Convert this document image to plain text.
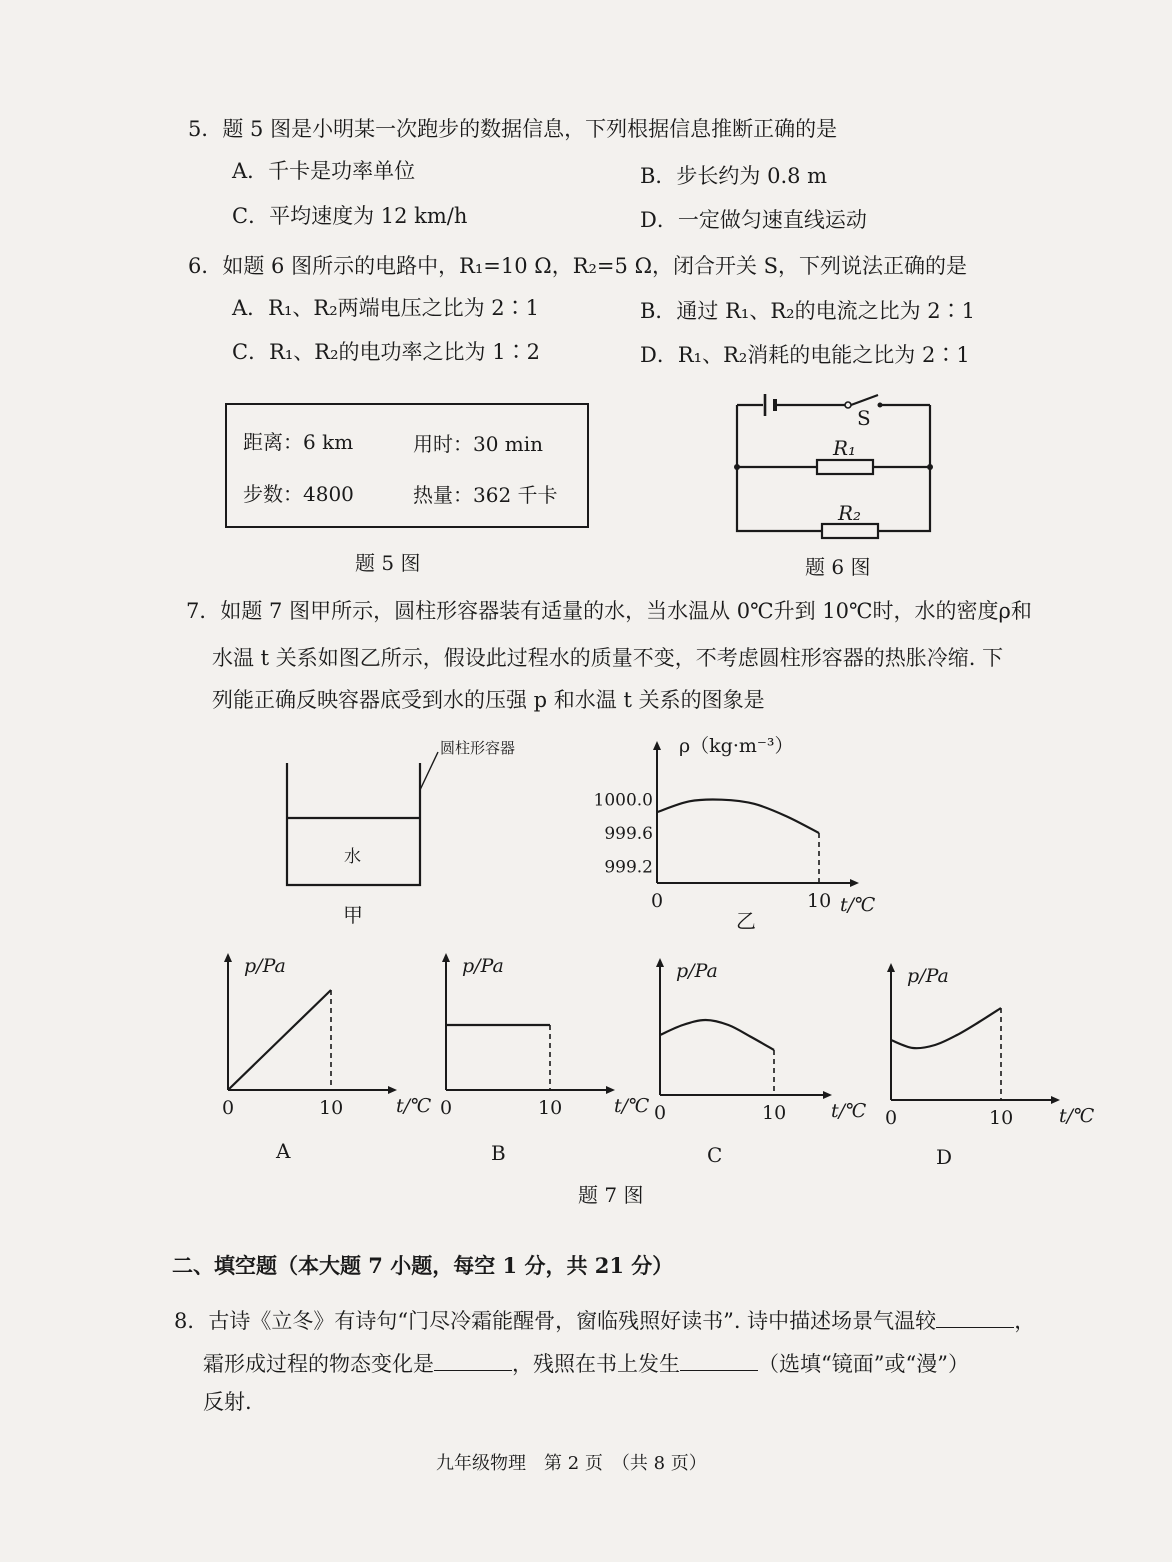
5．题 5 图是小明某一次跑步的数据信息，下列根据信息推断正确的是
A．千卡是功率单位	B．步长约为 0.8 m
C．平均速度为 12 km/h	D．一定做匀速直线运动
6．如题 6 图所示的电路中，R₁=10 Ω，R₂=5 Ω，闭合开关 S，下列说法正确的是
A．R₁、R₂两端电压之比为 2∶1	B．通过 R₁、R₂的电流之比为 2∶1
C．R₁、R₂的电功率之比为 1∶2	D．R₁、R₂消耗的电能之比为 2∶1
距离：6 km	用时：30 min
步数：4800	热量：362 千卡
题 5 图
S
R₁
R₂
题 6 图
7．如题 7 图甲所示，圆柱形容器装有适量的水，当水温从 0℃升到 10℃时，水的密度ρ和
水温 t 关系如图乙所示，假设此过程水的质量不变，不考虑圆柱形容器的热胀冷缩. 下
列能正确反映容器底受到水的压强 p 和水温 t 关系的图象是
圆柱形容器
水
甲	乙
A	B	C	D
ρ（kg·m⁻³）
t/℃
0	10
1000.0
999.6
999.2
p/Pa
t/℃
0	10
p/Pa
t/℃
0	10
p/Pa
t/℃
0	10
p/Pa
t/℃
0	10
题 7 图
二、填空题（本大题 7 小题，每空 1 分，共 21 分）
8．古诗《立冬》有诗句“门尽冷霜能醒骨，窗临残照好读书”. 诗中描述场景气温较	，
霜形成过程的物态变化是	，残照在书上发生	（选填“镜面”或“漫”）
反射.
九年级物理　第 2 页　（共 8 页）
